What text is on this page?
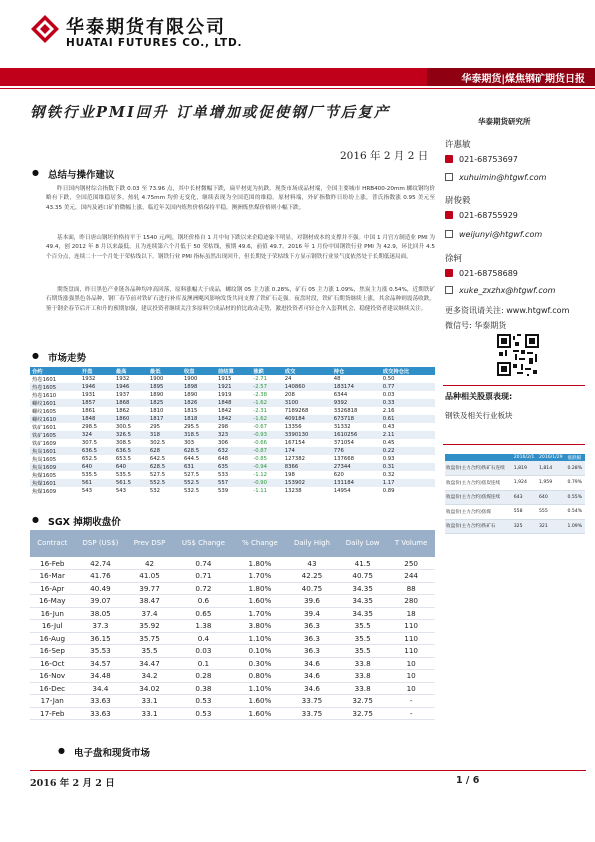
华泰期货有限公司
HUATAI FUTURES CO., LTD.
华泰期货|煤焦钢矿期货日报
钢铁行业PMI回升 订单增加或促使钢厂节后复产
2016 年 2 月 2 日
● 总结与操作建议
昨日国内钢材综合指数下跌 0.03 至 73.96 点，其中长材微幅下跌，扁平材更为抗跌。现货市场成品材端，全国主要城市 HRB400-20mm 螺纹钢均价略有下跌，全国范围维稳居多，热轧 4.75mm 均价无变化，继续表现为全国范围的维稳。原材料端，外矿指数昨日纷纷上涨，普氏指数涨 0.95 美元至 43.35 美元，国内及港口矿价微幅上涨，临近年关国内炼焦价格保持平稳，澳洲炼焦煤价格则小幅下跌。
基本面，昨日唐山钢坯价格持平于 1540 元/吨，钢坯价格自 1 月中旬下跌以来企稳迹象不明显，对钢材成本的支撑并不强。中国 1 月官方制造业 PMI 为 49.4，创 2012 年 8 月以来最低，且为连续第六个月低于 50 荣枯线，预期 49.6，前值 49.7。2016 年 1 月份中国钢铁行业 PMI 为 42.9，环比回升 4.5 个百分点，连续二十一个月处于荣枯线以下。钢铁行业 PMI 指标虽然出现回升，但长期处于荣枯线下方显示钢铁行业景气度依然处于长期低迷局面。
期货盘面，昨日黑色产业链各品种均冲高回落，原料涨幅大于成品，螺纹钢 05 主力涨 0.28%，矿石 05 主力涨 1.09%，焦炭主力涨 0.54%，近期铁矿石期货涨强黑色各品种，钢厂春节前对铁矿石进行补库及澳洲飓风影响发货共同支撑了铁矿石走强。夜盘时段，铁矿石期货继续上涨，其余品种则震荡收跌。鉴于钢企春节后开工和升的预期加强，建议投资者继续关注多原料空成品材的价比政动走势，激进投资者可轻仓介入套利机会，稳健投资者建议继续关注。
● 市场走势
合约	开盘	最高	最低	收盘	前结算	涨跌	成交	持仓	成交持仓比
热卷1601	1932	1932	1900	1900	1915	-2.71	24	48	0.50
热卷1605	1946	1946	1895	1898	1921	-2.57	140860	183174	0.77
热卷1610	1931	1937	1890	1890	1919	-2.38	208	6344	0.03
螺纹1601	1857	1868	1825	1826	1848	-1.62	3100	9392	0.33
螺纹1605	1861	1862	1810	1815	1842	-2.31	7189268	3326818	2.16
螺纹1610	1848	1860	1817	1818	1842	-1.62	409184	673718	0.61
铁矿1601	298.5	300.5	295	295.5	298	-0.67	13356	31332	0.43
铁矿1605	324	326.5	318	318.5	323	-0.93	3390130	1610256	2.11
铁矿1609	307.5	308.5	302.5	303	306	-0.66	167154	371054	0.45
焦炭1601	636.5	636.5	628	628.5	632	-0.87	174	776	0.22
焦炭1605	652.5	653.5	642.5	644.5	648	-0.85	127382	137668	0.93
焦炭1609	640	640	628.5	631	635	-0.94	8366	27344	0.31
焦煤1605	535.5	535.5	527.5	527.5	533	-1.12	198	620	0.32
焦煤1601	561	561.5	552.5	552.5	557	-0.90	153902	131184	1.17
焦煤1609	543	543	532	532.5	539	-1.11	13238	14954	0.89
● SGX 掉期收盘价
Contract	DSP (US$)	Prev DSP	US$ Change	% Change	Daily High	Daily Low	T Volume
16-Feb	42.74	42	0.74	1.80%	43	41.5	250
16-Mar	41.76	41.05	0.71	1.70%	42.25	40.75	244
16-Apr	40.49	39.77	0.72	1.80%	40.75	34.35	88
16-May	39.07	38.47	0.6	1.60%	39.6	34.35	280
16-Jun	38.05	37.4	0.65	1.70%	39.4	34.35	18
16-Jul	37.3	35.92	1.38	3.80%	36.3	35.5	110
16-Aug	36.15	35.75	0.4	1.10%	36.3	35.5	110
16-Sep	35.53	35.5	0.03	0.10%	36.3	35.5	110
16-Oct	34.57	34.47	0.1	0.30%	34.6	33.8	10
16-Nov	34.48	34.2	0.28	0.80%	34.6	33.8	10
16-Dec	34.4	34.02	0.38	1.10%	34.6	33.8	10
17-Jan	33.63	33.1	0.53	1.60%	33.75	32.75	-
17-Feb	33.63	33.1	0.53	1.60%	33.75	32.75	-
● 电子盘和现货市场
华泰期货研究所
许惠敏
021-68753697
xuhuimin@htgwf.com
尉俊毅
021-68755929
weijunyi@htgwf.com
徐轲
021-68758689
xuke_zxzhx@htgwf.com
更多资讯请关注: www.htgwf.com
微信号: 华泰期货
品种相关股票表现:
钢铁及相关行业板块
	2016/2/1	2016/1/29	涨跌幅
收盘价(主力合约)铁矿石连续	1,819	1,814	0.28%
收盘价(主力合约)焦炭连续	1,924	1,959	0.79%
收盘价(主力合约)焦煤连续	643	640	0.55%
收盘价(主力合约)焦煤	558	555	0.54%
收盘价(主力合约)铁矿石	325	321	1.09%
2016 年 2 月 2 日	1 / 6
